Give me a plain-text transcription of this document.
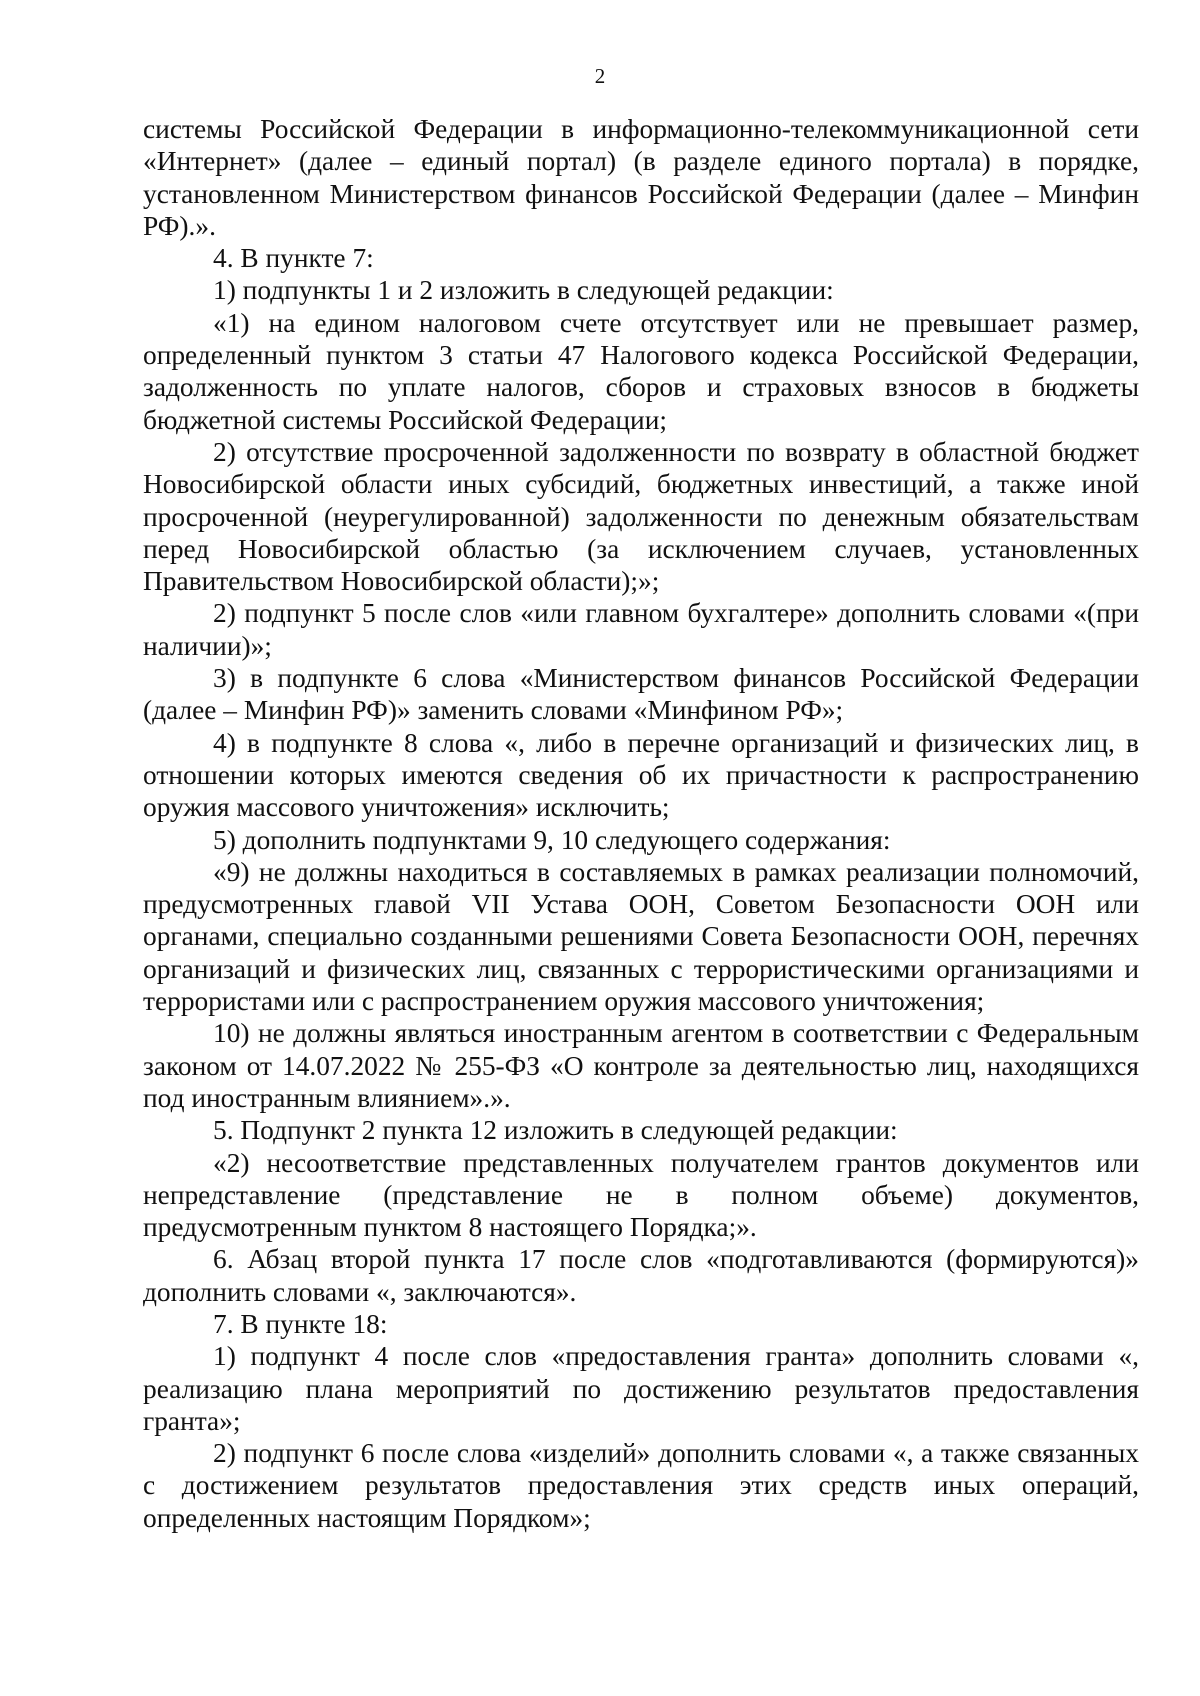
2

системы Российской Федерации в информационно-телекоммуникационной сети «Интернет» (далее – единый портал) (в разделе единого портала) в порядке, установленном Министерством финансов Российской Федерации (далее – Минфин РФ).».

4. В пункте 7:

1) подпункты 1 и 2 изложить в следующей редакции:

«1) на едином налоговом счете отсутствует или не превышает размер, определенный пунктом 3 статьи 47 Налогового кодекса Российской Федерации, задолженность по уплате налогов, сборов и страховых взносов в бюджеты бюджетной системы Российской Федерации;

2) отсутствие просроченной задолженности по возврату в областной бюджет Новосибирской области иных субсидий, бюджетных инвестиций, а также иной просроченной (неурегулированной) задолженности по денежным обязательствам перед Новосибирской областью (за исключением случаев, установленных Правительством Новосибирской области);»;

2) подпункт 5 после слов «или главном бухгалтере» дополнить словами «(при наличии)»;

3) в подпункте 6 слова «Министерством финансов Российской Федерации (далее – Минфин РФ)» заменить словами «Минфином РФ»;

4) в подпункте 8 слова «, либо в перечне организаций и физических лиц, в отношении которых имеются сведения об их причастности к распространению оружия массового уничтожения» исключить;

5) дополнить подпунктами 9, 10 следующего содержания:

«9) не должны находиться в составляемых в рамках реализации полномочий, предусмотренных главой VII Устава ООН, Советом Безопасности ООН или органами, специально созданными решениями Совета Безопасности ООН, перечнях организаций и физических лиц, связанных с террористическими организациями и террористами или с распространением оружия массового уничтожения;

10) не должны являться иностранным агентом в соответствии с Федеральным законом от 14.07.2022 № 255-ФЗ «О контроле за деятельностью лиц, находящихся под иностранным влиянием».».

5. Подпункт 2 пункта 12 изложить в следующей редакции:

«2) несоответствие представленных получателем грантов документов или непредставление (представление не в полном объеме) документов, предусмотренным пунктом 8 настоящего Порядка;».

6. Абзац второй пункта 17 после слов «подготавливаются (формируются)» дополнить словами «, заключаются».

7. В пункте 18:

1) подпункт 4 после слов «предоставления гранта» дополнить словами «, реализацию плана мероприятий по достижению результатов предоставления гранта»;

2) подпункт 6 после слова «изделий» дополнить словами «, а также связанных с достижением результатов предоставления этих средств иных операций, определенных настоящим Порядком»;
